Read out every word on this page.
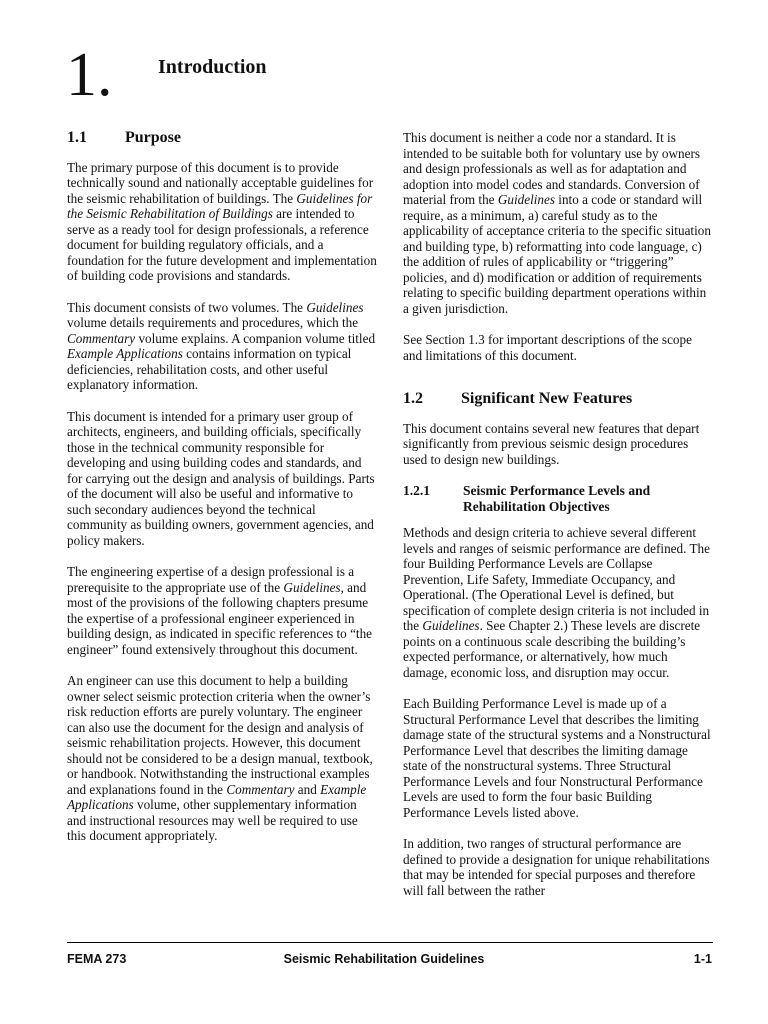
1. Introduction
1.1	Purpose

The primary purpose of this document is to provide technically sound and nationally acceptable guidelines for the seismic rehabilitation of buildings. The Guidelines for the Seismic Rehabilitation of Buildings are intended to serve as a ready tool for design professionals, a reference document for building regulatory officials, and a foundation for the future development and implementation of building code provisions and standards.

This document consists of two volumes. The Guidelines volume details requirements and procedures, which the Commentary volume explains. A companion volume titled Example Applications contains information on typical deficiencies, rehabilitation costs, and other useful explanatory information.

This document is intended for a primary user group of architects, engineers, and building officials, specifically those in the technical community responsible for developing and using building codes and standards, and for carrying out the design and analysis of buildings. Parts of the document will also be useful and informative to such secondary audiences beyond the technical community as building owners, government agencies, and policy makers.

The engineering expertise of a design professional is a prerequisite to the appropriate use of the Guidelines, and most of the provisions of the following chapters presume the expertise of a professional engineer experienced in building design, as indicated in specific references to “the engineer” found extensively throughout this document.

An engineer can use this document to help a building owner select seismic protection criteria when the owner’s risk reduction efforts are purely voluntary. The engineer can also use the document for the design and analysis of seismic rehabilitation projects. However, this document should not be considered to be a design manual, textbook, or handbook. Notwithstanding the instructional examples and explanations found in the Commentary and Example Applications volume, other supplementary information and instructional resources may well be required to use this document appropriately.

This document is neither a code nor a standard. It is intended to be suitable both for voluntary use by owners and design professionals as well as for adaptation and adoption into model codes and standards. Conversion of material from the Guidelines into a code or standard will require, as a minimum, a) careful study as to the applicability of acceptance criteria to the specific situation and building type, b) reformatting into code language, c) the addition of rules of applicability or “triggering” policies, and d) modification or addition of requirements relating to specific building department operations within a given jurisdiction.

See Section 1.3 for important descriptions of the scope and limitations of this document.

1.2	Significant New Features

This document contains several new features that depart significantly from previous seismic design procedures used to design new buildings.

1.2.1	Seismic Performance Levels and Rehabilitation Objectives

Methods and design criteria to achieve several different levels and ranges of seismic performance are defined. The four Building Performance Levels are Collapse Prevention, Life Safety, Immediate Occupancy, and Operational. (The Operational Level is defined, but specification of complete design criteria is not included in the Guidelines. See Chapter 2.) These levels are discrete points on a continuous scale describing the building’s expected performance, or alternatively, how much damage, economic loss, and disruption may occur.

Each Building Performance Level is made up of a Structural Performance Level that describes the limiting damage state of the structural systems and a Nonstructural Performance Level that describes the limiting damage state of the nonstructural systems. Three Structural Performance Levels and four Nonstructural Performance Levels are used to form the four basic Building Performance Levels listed above.

In addition, two ranges of structural performance are defined to provide a designation for unique rehabilitations that may be intended for special purposes and therefore will fall between the rather

FEMA 273	Seismic Rehabilitation Guidelines	1-1
